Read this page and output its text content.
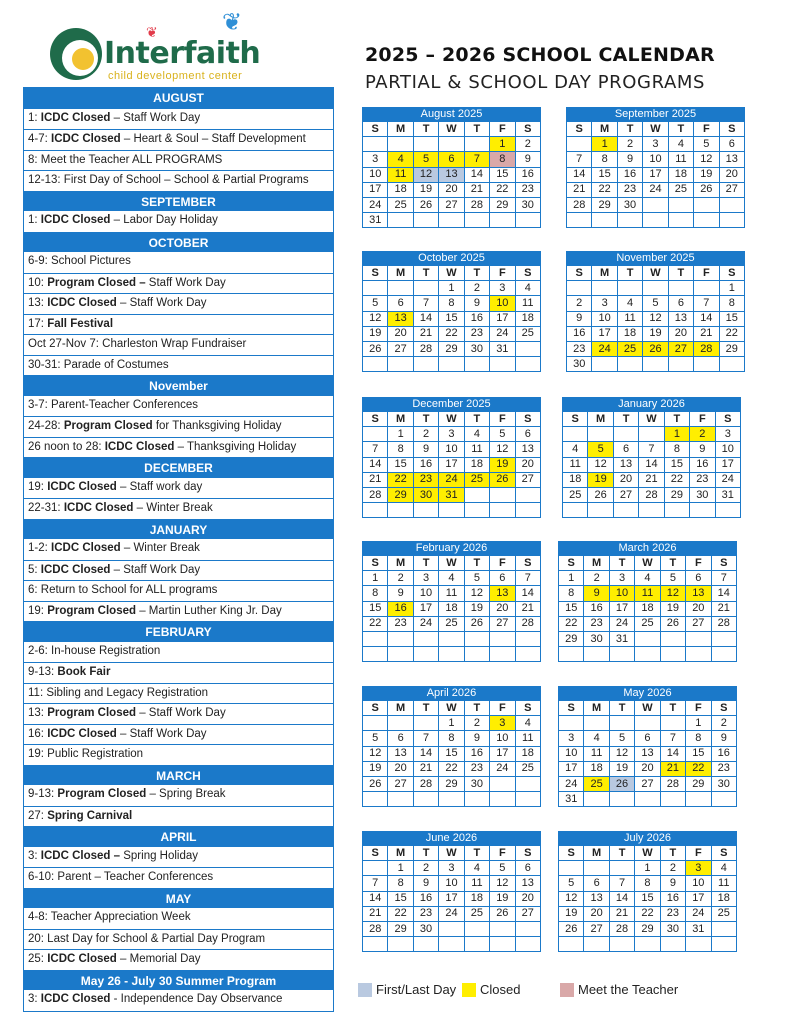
❦	❦
Interfaith
child development center
2025 – 2026 SCHOOL CALENDAR
PARTIAL & SCHOOL DAY PROGRAMS
AUGUST
1: ICDC Closed – Staff Work Day
4-7: ICDC Closed – Heart & Soul – Staff Development
8: Meet the Teacher ALL PROGRAMS
12-13: First Day of School – School & Partial Programs
SEPTEMBER
1: ICDC Closed – Labor Day Holiday
OCTOBER
6-9: School Pictures
10: Program Closed – Staff Work Day
13: ICDC Closed – Staff Work Day
17: Fall Festival
Oct 27-Nov 7: Charleston Wrap Fundraiser
30-31: Parade of Costumes
November
3-7: Parent-Teacher Conferences
24-28: Program Closed for Thanksgiving Holiday
26 noon to 28: ICDC Closed – Thanksgiving Holiday
DECEMBER
19: ICDC Closed – Staff work day
22-31: ICDC Closed – Winter Break
JANUARY
1-2: ICDC Closed – Winter Break
5: ICDC Closed – Staff Work Day
6: Return to School for ALL programs
19: Program Closed – Martin Luther King Jr. Day
FEBRUARY
2-6: In-house Registration
9-13: Book Fair
11: Sibling and Legacy Registration
13: Program Closed – Staff Work Day
16: ICDC Closed – Staff Work Day
19: Public Registration
MARCH
9-13: Program Closed – Spring Break
27: Spring Carnival
APRIL
3: ICDC Closed – Spring Holiday
6-10: Parent – Teacher Conferences
MAY
4-8: Teacher Appreciation Week
20: Last Day for School & Partial Day Program
25: ICDC Closed – Memorial Day
May 26 - July 30 Summer Program
3: ICDC Closed - Independence Day Observance
August 2025
S	M	T	W	T	F	S
					1	2
3	4	5	6	7	8	9
10	11	12	13	14	15	16
17	18	19	20	21	22	23
24	25	26	27	28	29	30
31						
September 2025
S	M	T	W	T	F	S
	1	2	3	4	5	6
7	8	9	10	11	12	13
14	15	16	17	18	19	20
21	22	23	24	25	26	27
28	29	30				

October 2025
S	M	T	W	T	F	S
			1	2	3	4
5	6	7	8	9	10	11
12	13	14	15	16	17	18
19	20	21	22	23	24	25
26	27	28	29	30	31	

November 2025
S	M	T	W	T	F	S
						1
2	3	4	5	6	7	8
9	10	11	12	13	14	15
16	17	18	19	20	21	22
23	24	25	26	27	28	29
30						
December 2025
S	M	T	W	T	F	S
	1	2	3	4	5	6
7	8	9	10	11	12	13
14	15	16	17	18	19	20
21	22	23	24	25	26	27
28	29	30	31			

January 2026
S	M	T	W	T	F	S
				1	2	3
4	5	6	7	8	9	10
11	12	13	14	15	16	17
18	19	20	21	22	23	24
25	26	27	28	29	30	31

February 2026
S	M	T	W	T	F	S
1	2	3	4	5	6	7
8	9	10	11	12	13	14
15	16	17	18	19	20	21
22	23	24	25	26	27	28

March 2026
S	M	T	W	T	F	S
1	2	3	4	5	6	7
8	9	10	11	12	13	14
15	16	17	18	19	20	21
22	23	24	25	26	27	28
29	30	31				

April 2026
S	M	T	W	T	F	S
			1	2	3	4
5	6	7	8	9	10	11
12	13	14	15	16	17	18
19	20	21	22	23	24	25
26	27	28	29	30		

May 2026
S	M	T	W	T	F	S
					1	2
3	4	5	6	7	8	9
10	11	12	13	14	15	16
17	18	19	20	21	22	23
24	25	26	27	28	29	30
31						
June 2026
S	M	T	W	T	F	S
	1	2	3	4	5	6
7	8	9	10	11	12	13
14	15	16	17	18	19	20
21	22	23	24	25	26	27
28	29	30				

July 2026
S	M	T	W	T	F	S
			1	2	3	4
5	6	7	8	9	10	11
12	13	14	15	16	17	18
19	20	21	22	23	24	25
26	27	28	29	30	31	

First/Last Day Closed	Meet the Teacher
